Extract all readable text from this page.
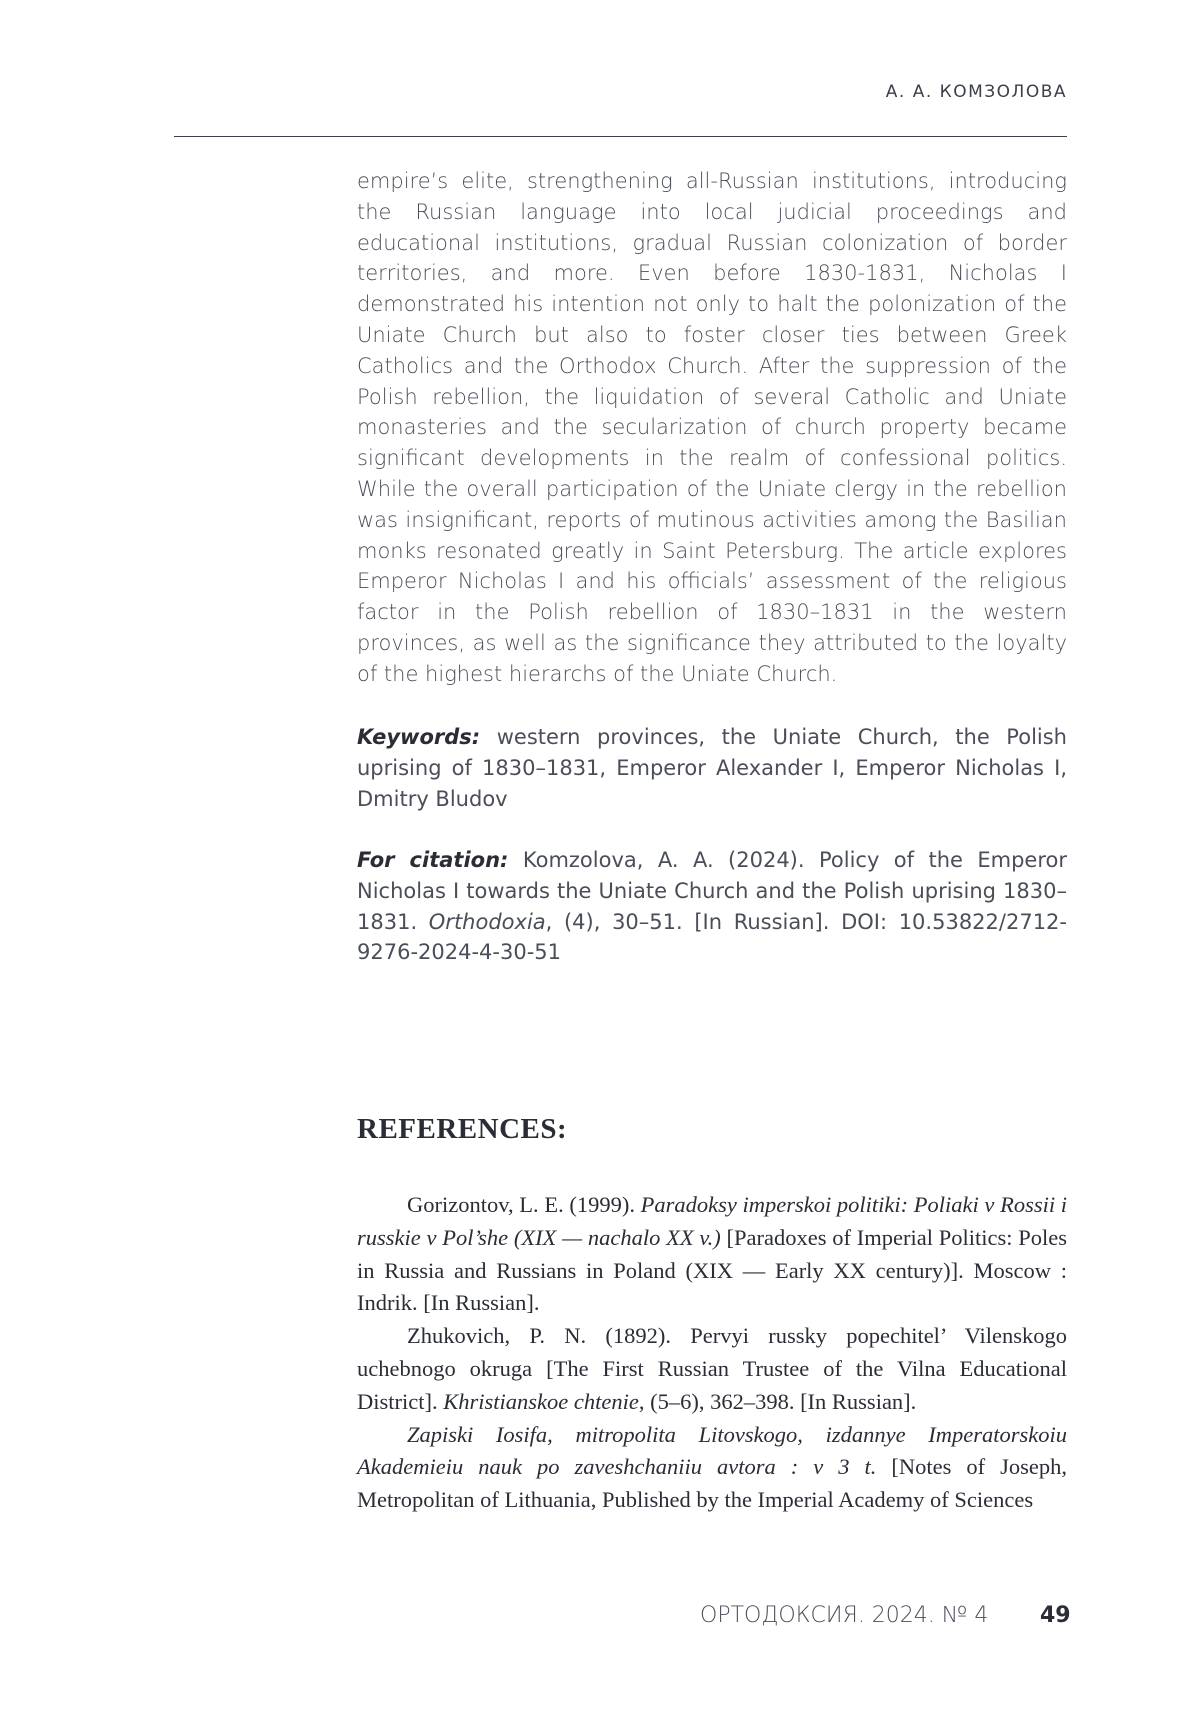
А. А. КОМЗОЛОВА

empire’s elite, strengthening all-Russian institutions, introducing the Russian language into local judicial proceedings and educational institutions, gradual Russian colonization of border territories, and more. Even before 1830-1831, Nicholas I demonstrated his intention not only to halt the polonization of the Uniate Church but also to foster closer ties between Greek Catholics and the Orthodox Church. After the suppression of the Polish rebellion, the liquidation of several Catholic and Uniate monasteries and the secularization of church property became significant developments in the realm of confessional politics. While the overall participation of the Uniate clergy in the rebellion was insignificant, reports of mutinous activities among the Basilian monks resonated greatly in Saint Petersburg. The article explores Emperor Nicholas I and his officials’ assessment of the religious factor in the Polish rebellion of 1830–1831 in the western provinces, as well as the significance they attributed to the loyalty of the highest hierarchs of the Uniate Church.

Keywords: western provinces, the Uniate Church, the Polish uprising of 1830–1831, Emperor Alexander I, Emperor Nicholas I, Dmitry Bludov

For citation: Komzolova, A. A. (2024). Policy of the Emperor Nicholas I towards the Uniate Church and the Polish uprising 1830–1831. Orthodoxia, (4), 30–51. [In Russian]. DOI: 10.53822/2712-9276-2024-4-30-51

REFERENCES:

Gorizontov, L. E. (1999). Paradoksy imperskoi politiki: Poliaki v Rossii i russkie v Pol’she (XIX — nachalo XX v.) [Paradoxes of Imperial Politics: Poles in Russia and Russians in Poland (XIX — Early XX century)]. Moscow : Indrik. [In Russian].

Zhukovich, P. N. (1892). Pervyi russky popechitel’ Vilenskogo uchebnogo okruga [The First Russian Trustee of the Vilna Educational District]. Khristianskoe chtenie, (5–6), 362–398. [In Russian].

Zapiski Iosifa, mitropolita Litovskogo, izdannye Imperatorskoiu Akademieiu nauk po zaveshchaniiu avtora : v 3 t. [Notes of Joseph, Metropolitan of Lithuania, Published by the Imperial Academy of Sciences

ОРТОДОКСИЯ. 2024. № 4 49
